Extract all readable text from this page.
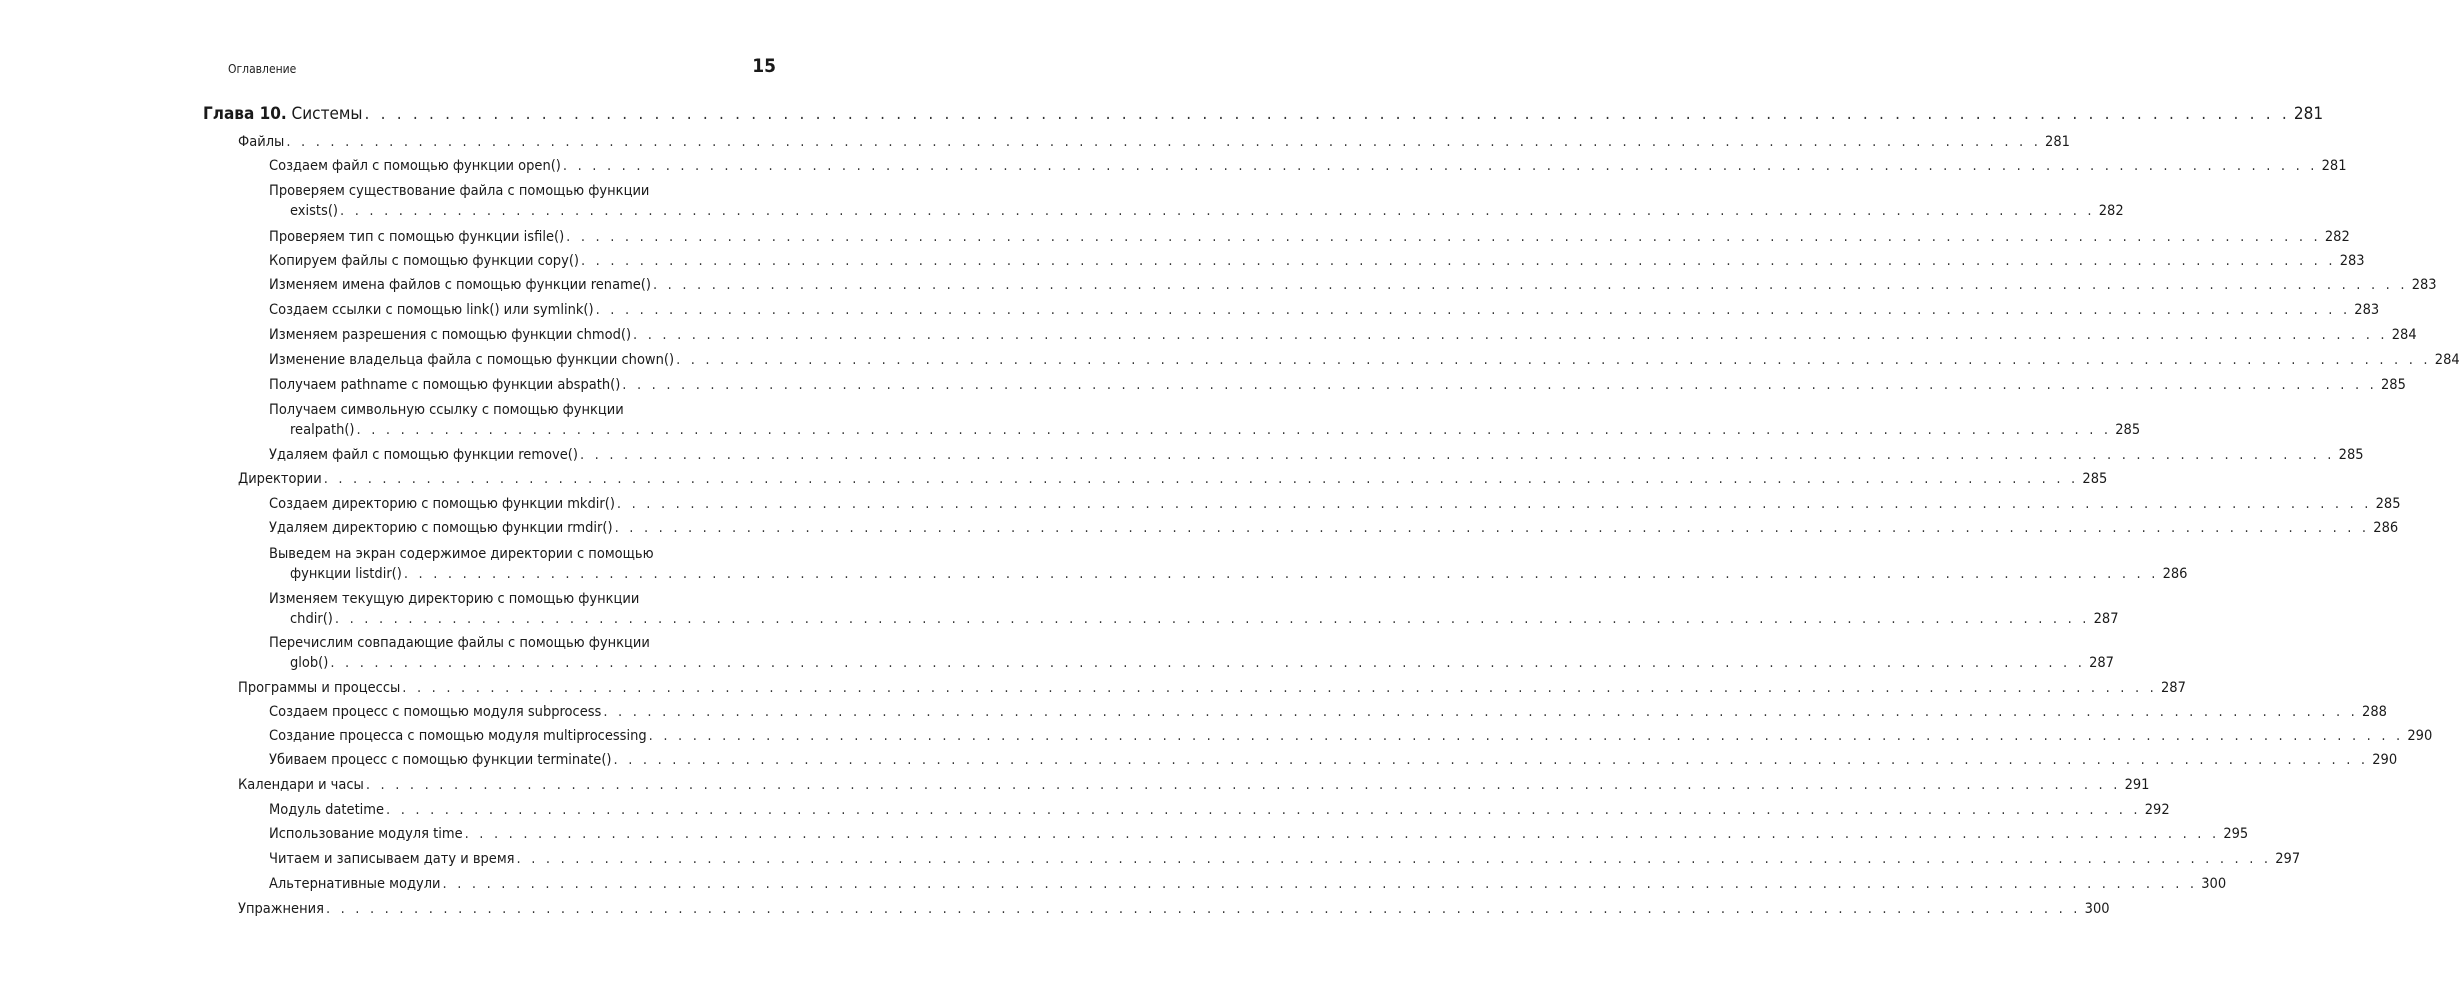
Оглавление	15
Глава 10.
Системы . . . . . . . . . . . . . . . . . . . . . . . . . . . . . . . . . . . . . . . . . . . . . . . . . . . . . . . . . . . . . . . . . . . . . . . . . . . . . . . . . . . . . . . . . . . . . . . . . . . . . . . . . . . . . . . . . . . . . . . . 281
Файлы . . . . . . . . . . . . . . . . . . . . . . . . . . . . . . . . . . . . . . . . . . . . . . . . . . . . . . . . . . . . . . . . . . . . . . . . . . . . . . . . . . . . . . . . . . . . . . . . . . . . . . . . . . . . . . . . . . . . . . . . 281
Создаем файл с помощью функции open() . . . . . . . . . . . . . . . . . . . . . . . . . . . . . . . . . . . . . . . . . . . . . . . . . . . . . . . . . . . . . . . . . . . . . . . . . . . . . . . . . . . . . . . . . . . . . . . . . . . . . . . . . . . . . . . . . . . . . . . . 281
Проверяем существование файла с помощью функции
exists() . . . . . . . . . . . . . . . . . . . . . . . . . . . . . . . . . . . . . . . . . . . . . . . . . . . . . . . . . . . . . . . . . . . . . . . . . . . . . . . . . . . . . . . . . . . . . . . . . . . . . . . . . . . . . . . . . . . . . . . . 282
Проверяем тип с помощью функции isfile() . . . . . . . . . . . . . . . . . . . . . . . . . . . . . . . . . . . . . . . . . . . . . . . . . . . . . . . . . . . . . . . . . . . . . . . . . . . . . . . . . . . . . . . . . . . . . . . . . . . . . . . . . . . . . . . . . . . . . . . . 282
Копируем файлы с помощью функции copy() . . . . . . . . . . . . . . . . . . . . . . . . . . . . . . . . . . . . . . . . . . . . . . . . . . . . . . . . . . . . . . . . . . . . . . . . . . . . . . . . . . . . . . . . . . . . . . . . . . . . . . . . . . . . . . . . . . . . . . . . 283
Изменяем имена файлов с помощью функции rename() . . . . . . . . . . . . . . . . . . . . . . . . . . . . . . . . . . . . . . . . . . . . . . . . . . . . . . . . . . . . . . . . . . . . . . . . . . . . . . . . . . . . . . . . . . . . . . . . . . . . . . . . . . . . . . . . . . . . . . . . 283
Создаем ссылки с помощью link() или symlink() . . . . . . . . . . . . . . . . . . . . . . . . . . . . . . . . . . . . . . . . . . . . . . . . . . . . . . . . . . . . . . . . . . . . . . . . . . . . . . . . . . . . . . . . . . . . . . . . . . . . . . . . . . . . . . . . . . . . . . . . 283
Изменяем разрешения с помощью функции chmod() . . . . . . . . . . . . . . . . . . . . . . . . . . . . . . . . . . . . . . . . . . . . . . . . . . . . . . . . . . . . . . . . . . . . . . . . . . . . . . . . . . . . . . . . . . . . . . . . . . . . . . . . . . . . . . . . . . . . . . . . 284
Изменение владельца файла с помощью функции chown() . . . . . . . . . . . . . . . . . . . . . . . . . . . . . . . . . . . . . . . . . . . . . . . . . . . . . . . . . . . . . . . . . . . . . . . . . . . . . . . . . . . . . . . . . . . . . . . . . . . . . . . . . . . . . . . . . . . . . . . . 284
Получаем pathname с помощью функции abspath() . . . . . . . . . . . . . . . . . . . . . . . . . . . . . . . . . . . . . . . . . . . . . . . . . . . . . . . . . . . . . . . . . . . . . . . . . . . . . . . . . . . . . . . . . . . . . . . . . . . . . . . . . . . . . . . . . . . . . . . . 285
Получаем символьную ссылку с помощью функции
realpath() . . . . . . . . . . . . . . . . . . . . . . . . . . . . . . . . . . . . . . . . . . . . . . . . . . . . . . . . . . . . . . . . . . . . . . . . . . . . . . . . . . . . . . . . . . . . . . . . . . . . . . . . . . . . . . . . . . . . . . . . 285
Удаляем файл с помощью функции remove() . . . . . . . . . . . . . . . . . . . . . . . . . . . . . . . . . . . . . . . . . . . . . . . . . . . . . . . . . . . . . . . . . . . . . . . . . . . . . . . . . . . . . . . . . . . . . . . . . . . . . . . . . . . . . . . . . . . . . . . . 285
Директории . . . . . . . . . . . . . . . . . . . . . . . . . . . . . . . . . . . . . . . . . . . . . . . . . . . . . . . . . . . . . . . . . . . . . . . . . . . . . . . . . . . . . . . . . . . . . . . . . . . . . . . . . . . . . . . . . . . . . . . . 285
Создаем директорию с помощью функции mkdir() . . . . . . . . . . . . . . . . . . . . . . . . . . . . . . . . . . . . . . . . . . . . . . . . . . . . . . . . . . . . . . . . . . . . . . . . . . . . . . . . . . . . . . . . . . . . . . . . . . . . . . . . . . . . . . . . . . . . . . . . 285
Удаляем директорию с помощью функции rmdir() . . . . . . . . . . . . . . . . . . . . . . . . . . . . . . . . . . . . . . . . . . . . . . . . . . . . . . . . . . . . . . . . . . . . . . . . . . . . . . . . . . . . . . . . . . . . . . . . . . . . . . . . . . . . . . . . . . . . . . . . 286
Выведем на экран содержимое директории с помощью
функции listdir() . . . . . . . . . . . . . . . . . . . . . . . . . . . . . . . . . . . . . . . . . . . . . . . . . . . . . . . . . . . . . . . . . . . . . . . . . . . . . . . . . . . . . . . . . . . . . . . . . . . . . . . . . . . . . . . . . . . . . . . . 286
Изменяем текущую директорию с помощью функции
chdir() . . . . . . . . . . . . . . . . . . . . . . . . . . . . . . . . . . . . . . . . . . . . . . . . . . . . . . . . . . . . . . . . . . . . . . . . . . . . . . . . . . . . . . . . . . . . . . . . . . . . . . . . . . . . . . . . . . . . . . . . 287
Перечислим совпадающие файлы с помощью функции
glob() . . . . . . . . . . . . . . . . . . . . . . . . . . . . . . . . . . . . . . . . . . . . . . . . . . . . . . . . . . . . . . . . . . . . . . . . . . . . . . . . . . . . . . . . . . . . . . . . . . . . . . . . . . . . . . . . . . . . . . . . 287
Программы и процессы . . . . . . . . . . . . . . . . . . . . . . . . . . . . . . . . . . . . . . . . . . . . . . . . . . . . . . . . . . . . . . . . . . . . . . . . . . . . . . . . . . . . . . . . . . . . . . . . . . . . . . . . . . . . . . . . . . . . . . . . 287
Создаем процесс с помощью модуля subprocess . . . . . . . . . . . . . . . . . . . . . . . . . . . . . . . . . . . . . . . . . . . . . . . . . . . . . . . . . . . . . . . . . . . . . . . . . . . . . . . . . . . . . . . . . . . . . . . . . . . . . . . . . . . . . . . . . . . . . . . . 288
Создание процесса с помощью модуля multiprocessing . . . . . . . . . . . . . . . . . . . . . . . . . . . . . . . . . . . . . . . . . . . . . . . . . . . . . . . . . . . . . . . . . . . . . . . . . . . . . . . . . . . . . . . . . . . . . . . . . . . . . . . . . . . . . . . . . . . . . . . . 290
Убиваем процесс с помощью функции terminate() . . . . . . . . . . . . . . . . . . . . . . . . . . . . . . . . . . . . . . . . . . . . . . . . . . . . . . . . . . . . . . . . . . . . . . . . . . . . . . . . . . . . . . . . . . . . . . . . . . . . . . . . . . . . . . . . . . . . . . . . 290
Календари и часы . . . . . . . . . . . . . . . . . . . . . . . . . . . . . . . . . . . . . . . . . . . . . . . . . . . . . . . . . . . . . . . . . . . . . . . . . . . . . . . . . . . . . . . . . . . . . . . . . . . . . . . . . . . . . . . . . . . . . . . . 291
Модуль datetime . . . . . . . . . . . . . . . . . . . . . . . . . . . . . . . . . . . . . . . . . . . . . . . . . . . . . . . . . . . . . . . . . . . . . . . . . . . . . . . . . . . . . . . . . . . . . . . . . . . . . . . . . . . . . . . . . . . . . . . . 292
Использование модуля time . . . . . . . . . . . . . . . . . . . . . . . . . . . . . . . . . . . . . . . . . . . . . . . . . . . . . . . . . . . . . . . . . . . . . . . . . . . . . . . . . . . . . . . . . . . . . . . . . . . . . . . . . . . . . . . . . . . . . . . . 295
Читаем и записываем дату и время . . . . . . . . . . . . . . . . . . . . . . . . . . . . . . . . . . . . . . . . . . . . . . . . . . . . . . . . . . . . . . . . . . . . . . . . . . . . . . . . . . . . . . . . . . . . . . . . . . . . . . . . . . . . . . . . . . . . . . . . 297
Альтернативные модули . . . . . . . . . . . . . . . . . . . . . . . . . . . . . . . . . . . . . . . . . . . . . . . . . . . . . . . . . . . . . . . . . . . . . . . . . . . . . . . . . . . . . . . . . . . . . . . . . . . . . . . . . . . . . . . . . . . . . . . . 300
Упражнения . . . . . . . . . . . . . . . . . . . . . . . . . . . . . . . . . . . . . . . . . . . . . . . . . . . . . . . . . . . . . . . . . . . . . . . . . . . . . . . . . . . . . . . . . . . . . . . . . . . . . . . . . . . . . . . . . . . . . . . . 300
